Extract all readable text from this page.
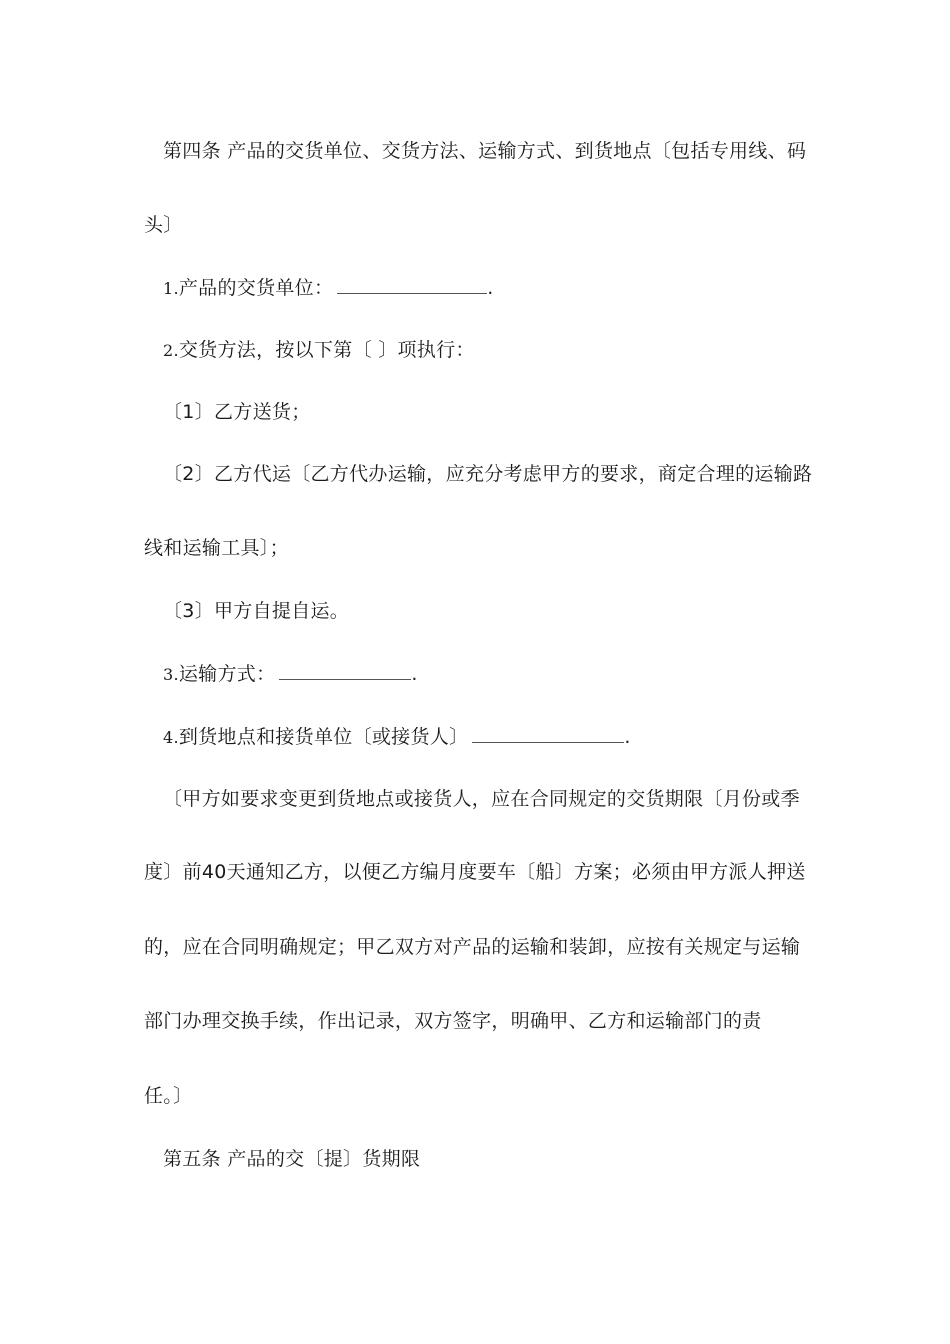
第四条 产品的交货单位、交货方法、运输方式、到货地点〔包括专用线、码
头〕
1.产品的交货单位：	.
2.交货方法，按以下第〔 〕项执行：
〔1〕乙方送货；
〔2〕乙方代运〔乙方代办运输，应充分考虑甲方的要求，商定合理的运输路
线和运输工具〕；
〔3〕甲方自提自运。
3.运输方式：	.
4.到货地点和接货单位〔或接货人〕	.
〔甲方如要求变更到货地点或接货人，应在合同规定的交货期限〔月份或季
度〕前40天通知乙方，以便乙方编月度要车〔船〕方案；必须由甲方派人押送
的，应在合同明确规定；甲乙双方对产品的运输和装卸，应按有关规定与运输
部门办理交换手续，作出记录，双方签字，明确甲、乙方和运输部门的责
任。〕
第五条 产品的交〔提〕货期限
